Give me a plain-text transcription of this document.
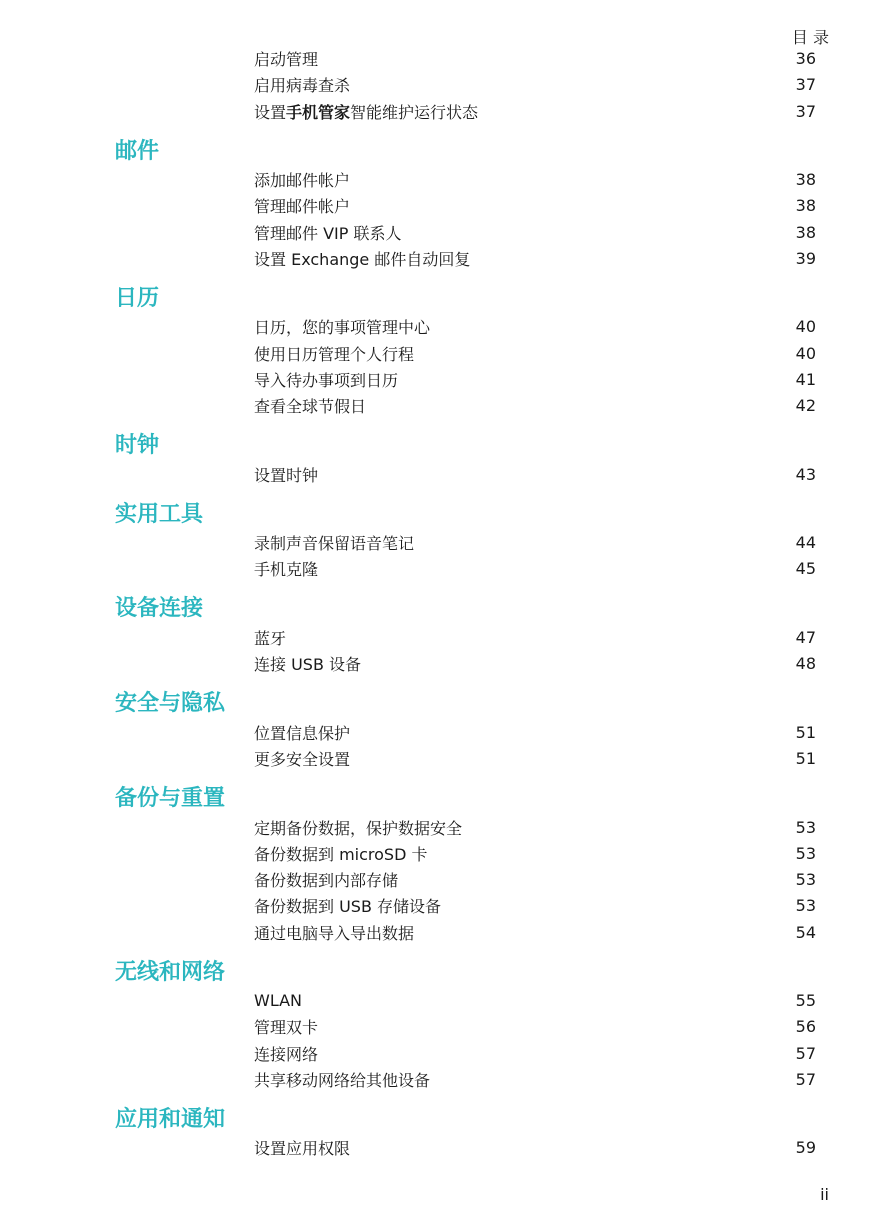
目 录
启动管理	36
启用病毒查杀	37
设置手机管家智能维护运行状态	37
邮件
添加邮件帐户	38
管理邮件帐户	38
管理邮件 VIP 联系人	38
设置 Exchange 邮件自动回复	39
日历
日历，您的事项管理中心	40
使用日历管理个人行程	40
导入待办事项到日历	41
查看全球节假日	42
时钟
设置时钟	43
实用工具
录制声音保留语音笔记	44
手机克隆	45
设备连接
蓝牙	47
连接 USB 设备	48
安全与隐私
位置信息保护	51
更多安全设置	51
备份与重置
定期备份数据，保护数据安全	53
备份数据到 microSD 卡	53
备份数据到内部存储	53
备份数据到 USB 存储设备	53
通过电脑导入导出数据	54
无线和网络
WLAN	55
管理双卡	56
连接网络	57
共享移动网络给其他设备	57
应用和通知
设置应用权限	59
ii
